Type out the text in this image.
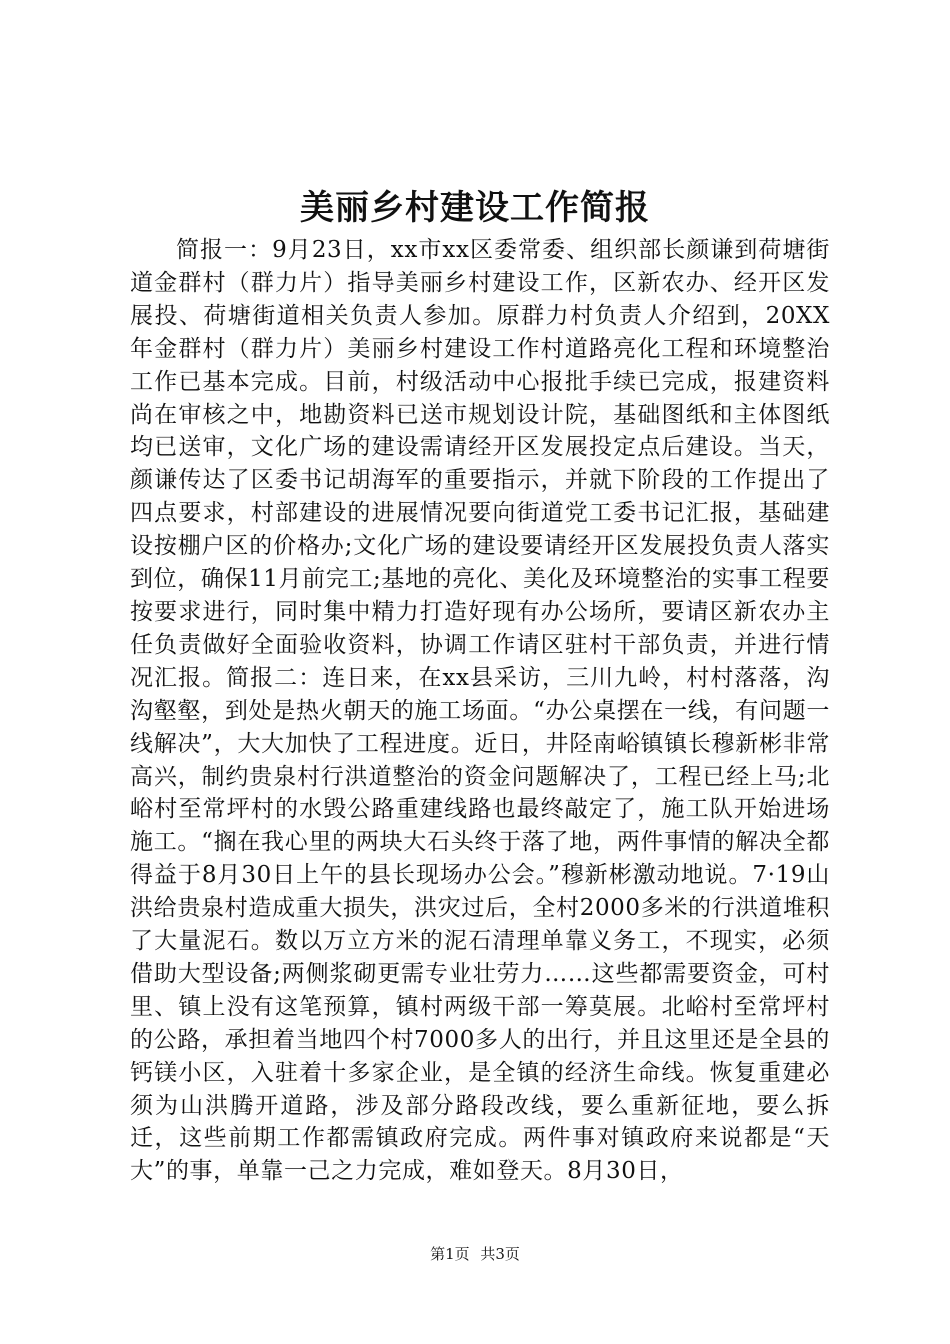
美丽乡村建设工作简报

简报一：9月23日，xx市xx区委常委、组织部长颜谦到荷塘街道金群村（群力片）指导美丽乡村建设工作，区新农办、经开区发展投、荷塘街道相关负责人参加。原群力村负责人介绍到，20XX年金群村（群力片）美丽乡村建设工作村道路亮化工程和环境整治工作已基本完成。目前，村级活动中心报批手续已完成，报建资料尚在审核之中，地勘资料已送市规划设计院，基础图纸和主体图纸均已送审，文化广场的建设需请经开区发展投定点后建设。当天，颜谦传达了区委书记胡海军的重要指示，并就下阶段的工作提出了四点要求，村部建设的进展情况要向街道党工委书记汇报，基础建设按棚户区的价格办;文化广场的建设要请经开区发展投负责人落实到位，确保11月前完工;基地的亮化、美化及环境整治的实事工程要按要求进行，同时集中精力打造好现有办公场所，要请区新农办主任负责做好全面验收资料，协调工作请区驻村干部负责，并进行情况汇报。简报二：连日来，在xx县采访，三川九岭，村村落落，沟沟壑壑，到处是热火朝天的施工场面。“办公桌摆在一线，有问题一线解决”，大大加快了工程进度。近日，井陉南峪镇镇长穆新彬非常高兴，制约贵泉村行洪道整治的资金问题解决了，工程已经上马;北峪村至常坪村的水毁公路重建线路也最终敲定了，施工队开始进场施工。“搁在我心里的两块大石头终于落了地，两件事情的解决全都得益于8月30日上午的县长现场办公会。”穆新彬激动地说。7·19山洪给贵泉村造成重大损失，洪灾过后，全村2000多米的行洪道堆积了大量泥石。数以万立方米的泥石清理单靠义务工，不现实，必须借助大型设备;两侧浆砌更需专业壮劳力……这些都需要资金，可村里、镇上没有这笔预算，镇村两级干部一筹莫展。北峪村至常坪村的公路，承担着当地四个村7000多人的出行，并且这里还是全县的钙镁小区，入驻着十多家企业，是全镇的经济生命线。恢复重建必须为山洪腾开道路，涉及部分路段改线，要么重新征地，要么拆迁，这些前期工作都需镇政府完成。两件事对镇政府来说都是“天大”的事，单靠一己之力完成，难如登天。8月30日，

第1页 共3页
